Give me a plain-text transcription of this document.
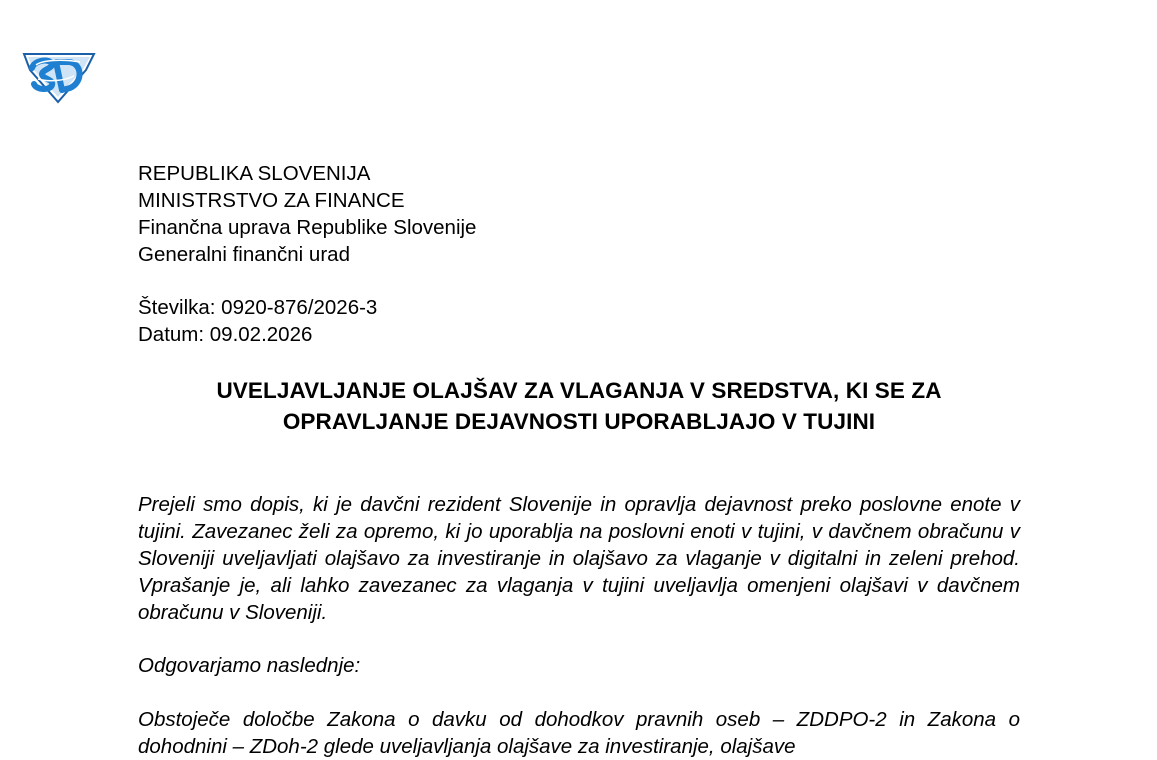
REPUBLIKA SLOVENIJA
MINISTRSTVO ZA FINANCE
Finančna uprava Republike Slovenije
Generalni finančni urad
Številka: 0920-876/2026-3
Datum: 09.02.2026
UVELJAVLJANJE OLAJŠAV ZA VLAGANJA V SREDSTVA, KI SE ZA
OPRAVLJANJE DEJAVNOSTI UPORABLJAJO V TUJINI
Prejeli smo dopis, ki je davčni rezident Slovenije in opravlja dejavnost preko poslovne enote v tujini. Zavezanec želi za opremo, ki jo uporablja na poslovni enoti v tujini, v davčnem obračunu v Sloveniji uveljavljati olajšavo za investiranje in olajšavo za vlaganje v digitalni in zeleni prehod. Vprašanje je, ali lahko zavezanec za vlaganja v tujini uveljavlja omenjeni olajšavi v davčnem obračunu v Sloveniji.
Odgovarjamo naslednje:
Obstoječe določbe Zakona o davku od dohodkov pravnih oseb – ZDDPO-2 in Zakona o dohodnini – ZDoh-2 glede uveljavljanja olajšave za investiranje, olajšave
